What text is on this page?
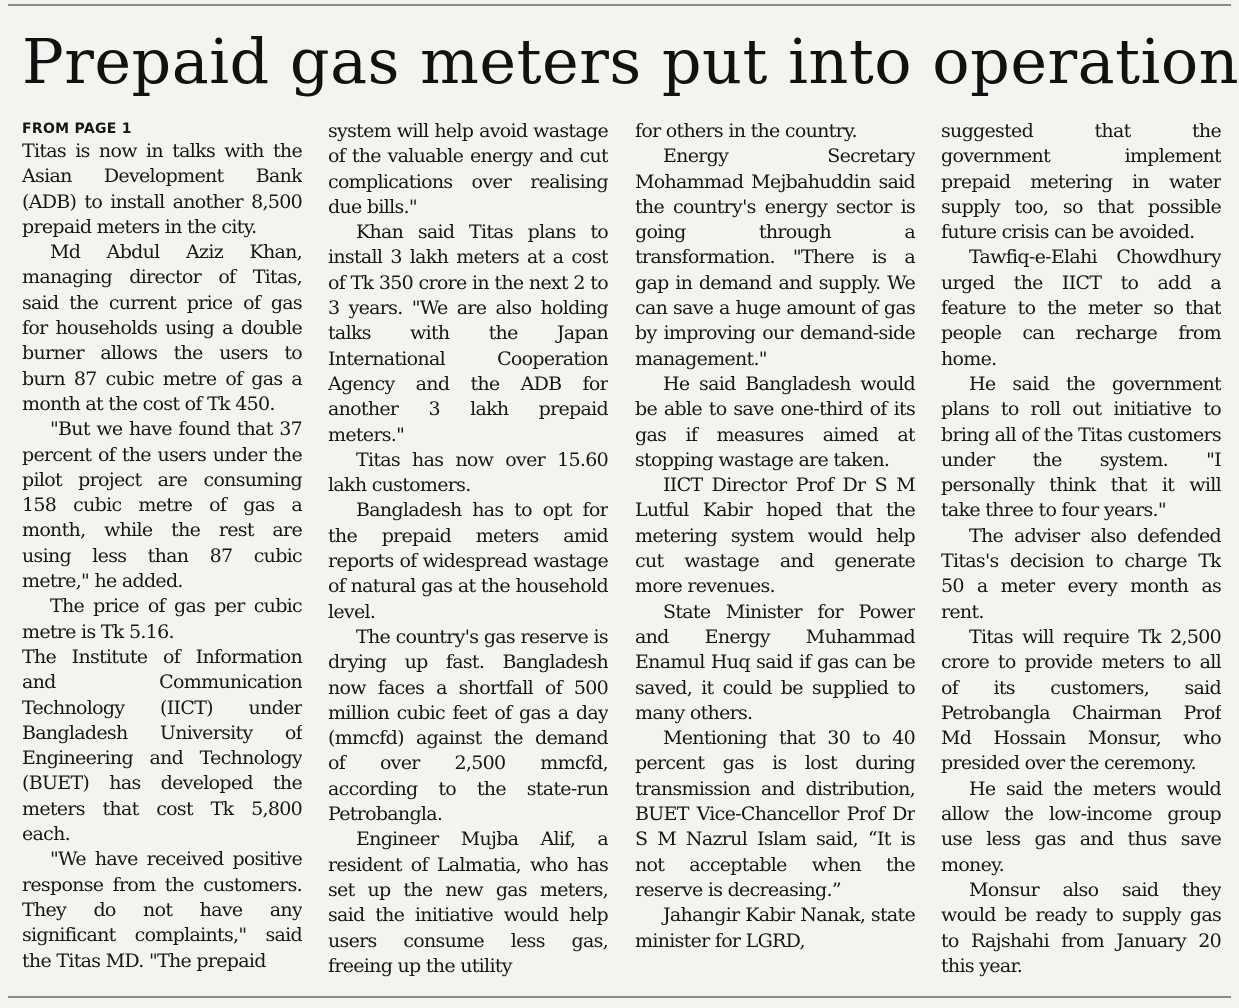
Prepaid gas meters put into operation
FROM PAGE 1

Titas is now in talks with the Asian Development Bank (ADB) to install another 8,500 prepaid meters in the city.

Md Abdul Aziz Khan, managing director of Titas, said the current price of gas for households using a double burner allows the users to burn 87 cubic metre of gas a month at the cost of Tk 450.

"But we have found that 37 percent of the users under the pilot project are consuming 158 cubic metre of gas a month, while the rest are using less than 87 cubic metre," he added.

The price of gas per cubic metre is Tk 5.16.

The Institute of Information and Communication Technology (IICT) under Bangladesh University of Engineering and Technology (BUET) has developed the meters that cost Tk 5,800 each.

"We have received positive response from the customers. They do not have any significant complaints," said the Titas MD. "The prepaid

system will help avoid wastage of the valuable energy and cut complications over realising due bills."

Khan said Titas plans to install 3 lakh meters at a cost of Tk 350 crore in the next 2 to 3 years. "We are also holding talks with the Japan International Cooperation Agency and the ADB for another 3 lakh prepaid meters."

Titas has now over 15.60 lakh customers.

Bangladesh has to opt for the prepaid meters amid reports of widespread wastage of natural gas at the household level.

The country's gas reserve is drying up fast. Bangladesh now faces a shortfall of 500 million cubic feet of gas a day (mmcfd) against the demand of over 2,500 mmcfd, according to the state-run Petrobangla.

Engineer Mujba Alif, a resident of Lalmatia, who has set up the new gas meters, said the initiative would help users consume less gas, freeing up the utility

for others in the country.

Energy Secretary Mohammad Mejbahuddin said the country's energy sector is going through a transformation. "There is a gap in demand and supply. We can save a huge amount of gas by improving our demand-side management."

He said Bangladesh would be able to save one-third of its gas if measures aimed at stopping wastage are taken.

IICT Director Prof Dr S M Lutful Kabir hoped that the metering system would help cut wastage and generate more revenues.

State Minister for Power and Energy Muhammad Enamul Huq said if gas can be saved, it could be supplied to many others.

Mentioning that 30 to 40 percent gas is lost during transmission and distribution, BUET Vice-Chancellor Prof Dr S M Nazrul Islam said, “It is not acceptable when the reserve is decreasing.”

Jahangir Kabir Nanak, state minister for LGRD,

suggested that the government implement prepaid metering in water supply too, so that possible future crisis can be avoided.

Tawfiq-e-Elahi Chowdhury urged the IICT to add a feature to the meter so that people can recharge from home.

He said the government plans to roll out initiative to bring all of the Titas customers under the system. "I personally think that it will take three to four years."

The adviser also defended Titas's decision to charge Tk 50 a meter every month as rent.

Titas will require Tk 2,500 crore to provide meters to all of its customers, said Petrobangla Chairman Prof Md Hossain Monsur, who presided over the ceremony.

He said the meters would allow the low-income group use less gas and thus save money.

Monsur also said they would be ready to supply gas to Rajshahi from January 20 this year.
